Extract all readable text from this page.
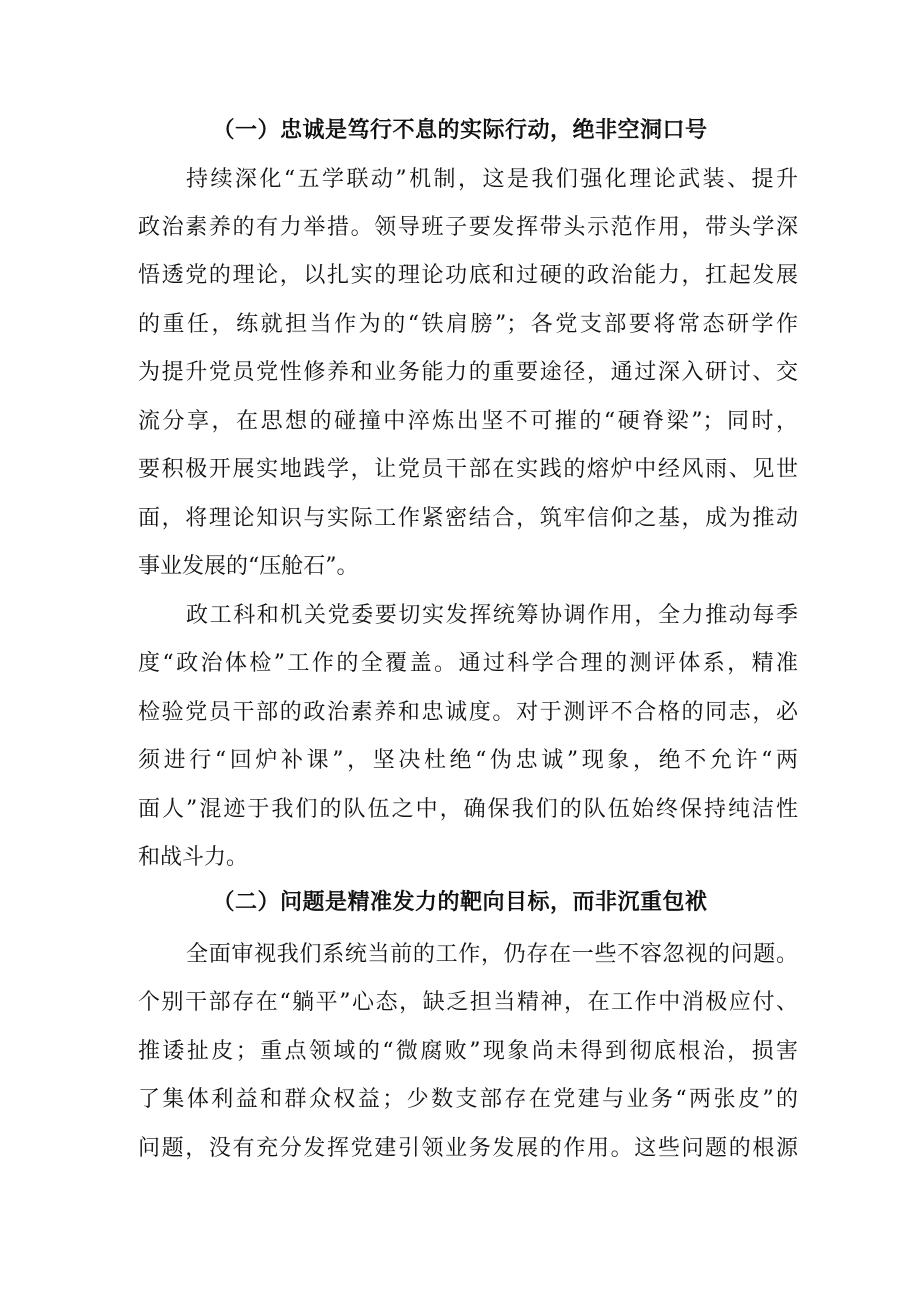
（一）忠诚是笃行不息的实际行动，绝非空洞口号
持续深化“五学联动”机制，这是我们强化理论武装、提升
政治素养的有力举措。领导班子要发挥带头示范作用，带头学深
悟透党的理论，以扎实的理论功底和过硬的政治能力，扛起发展
的重任，练就担当作为的“铁肩膀”；各党支部要将常态研学作
为提升党员党性修养和业务能力的重要途径，通过深入研讨、交
流分享，在思想的碰撞中淬炼出坚不可摧的“硬脊梁”；同时，
要积极开展实地践学，让党员干部在实践的熔炉中经风雨、见世
面，将理论知识与实际工作紧密结合，筑牢信仰之基，成为推动
事业发展的“压舱石”。
政工科和机关党委要切实发挥统筹协调作用，全力推动每季
度“政治体检”工作的全覆盖。通过科学合理的测评体系，精准
检验党员干部的政治素养和忠诚度。对于测评不合格的同志，必
须进行“回炉补课”，坚决杜绝“伪忠诚”现象，绝不允许“两
面人”混迹于我们的队伍之中，确保我们的队伍始终保持纯洁性
和战斗力。
（二）问题是精准发力的靶向目标，而非沉重包袱
全面审视我们系统当前的工作，仍存在一些不容忽视的问题。
个别干部存在“躺平”心态，缺乏担当精神，在工作中消极应付、
推诿扯皮；重点领域的“微腐败”现象尚未得到彻底根治，损害
了集体利益和群众权益；少数支部存在党建与业务“两张皮”的
问题，没有充分发挥党建引领业务发展的作用。这些问题的根源
